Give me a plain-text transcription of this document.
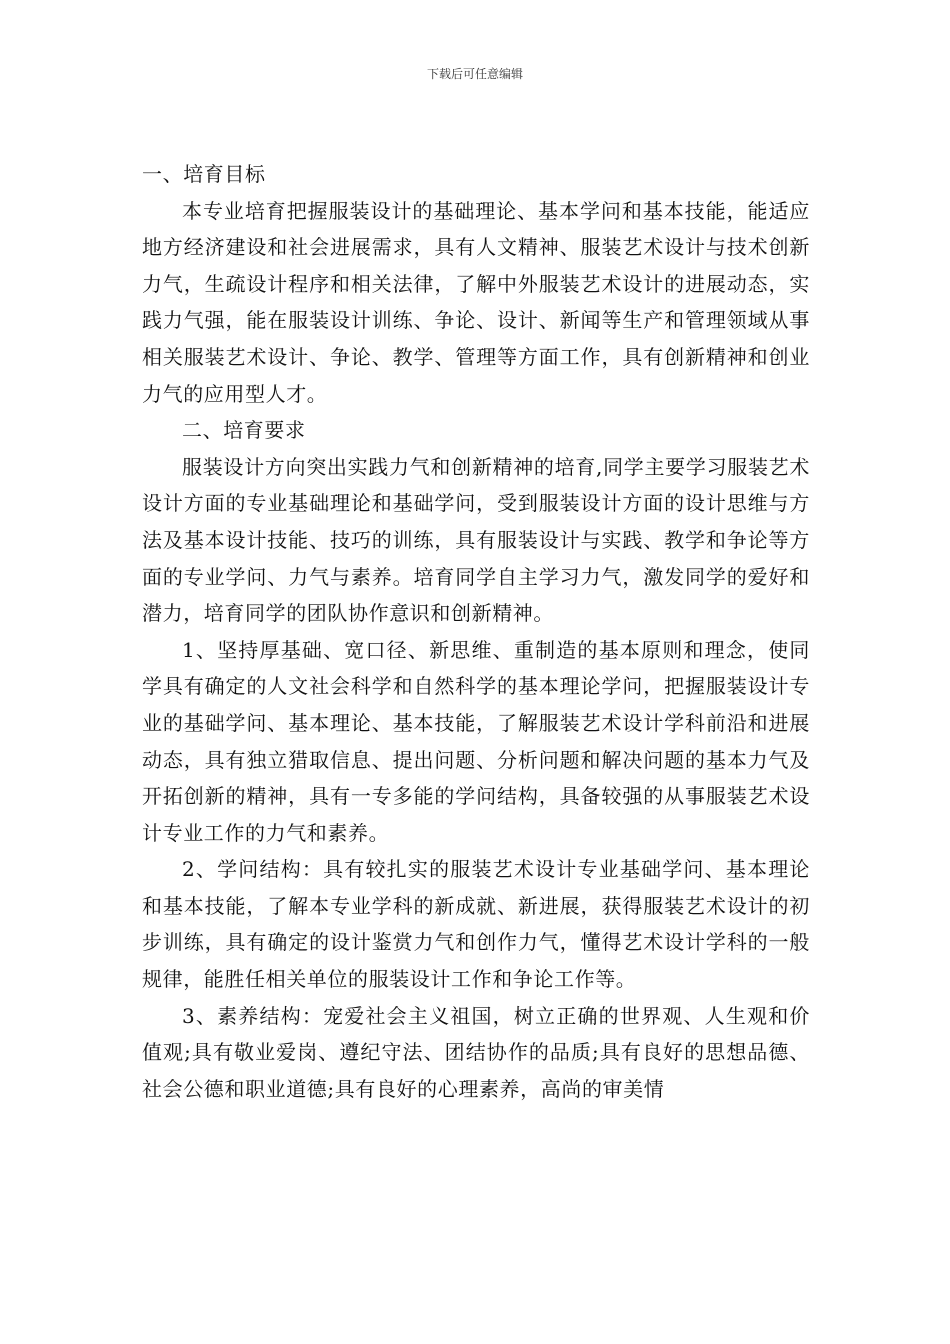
下载后可任意编辑

一、培育目标

本专业培育把握服装设计的基础理论、基本学问和基本技能，能适应地方经济建设和社会进展需求，具有人文精神、服装艺术设计与技术创新力气，生疏设计程序和相关法律，了解中外服装艺术设计的进展动态，实践力气强，能在服装设计训练、争论、设计、新闻等生产和管理领域从事相关服装艺术设计、争论、教学、管理等方面工作，具有创新精神和创业力气的应用型人才。

二、培育要求

服装设计方向突出实践力气和创新精神的培育,同学主要学习服装艺术设计方面的专业基础理论和基础学问，受到服装设计方面的设计思维与方法及基本设计技能、技巧的训练，具有服装设计与实践、教学和争论等方面的专业学问、力气与素养。培育同学自主学习力气，激发同学的爱好和潜力，培育同学的团队协作意识和创新精神。

1、坚持厚基础、宽口径、新思维、重制造的基本原则和理念，使同学具有确定的人文社会科学和自然科学的基本理论学问，把握服装设计专业的基础学问、基本理论、基本技能，了解服装艺术设计学科前沿和进展动态，具有独立猎取信息、提出问题、分析问题和解决问题的基本力气及开拓创新的精神，具有一专多能的学问结构，具备较强的从事服装艺术设计专业工作的力气和素养。

2、学问结构：具有较扎实的服装艺术设计专业基础学问、基本理论和基本技能，了解本专业学科的新成就、新进展，获得服装艺术设计的初步训练，具有确定的设计鉴赏力气和创作力气，懂得艺术设计学科的一般规律，能胜任相关单位的服装设计工作和争论工作等。

3、素养结构：宠爱社会主义祖国，树立正确的世界观、人生观和价值观;具有敬业爱岗、遵纪守法、团结协作的品质;具有良好的思想品德、社会公德和职业道德;具有良好的心理素养，高尚的审美情
